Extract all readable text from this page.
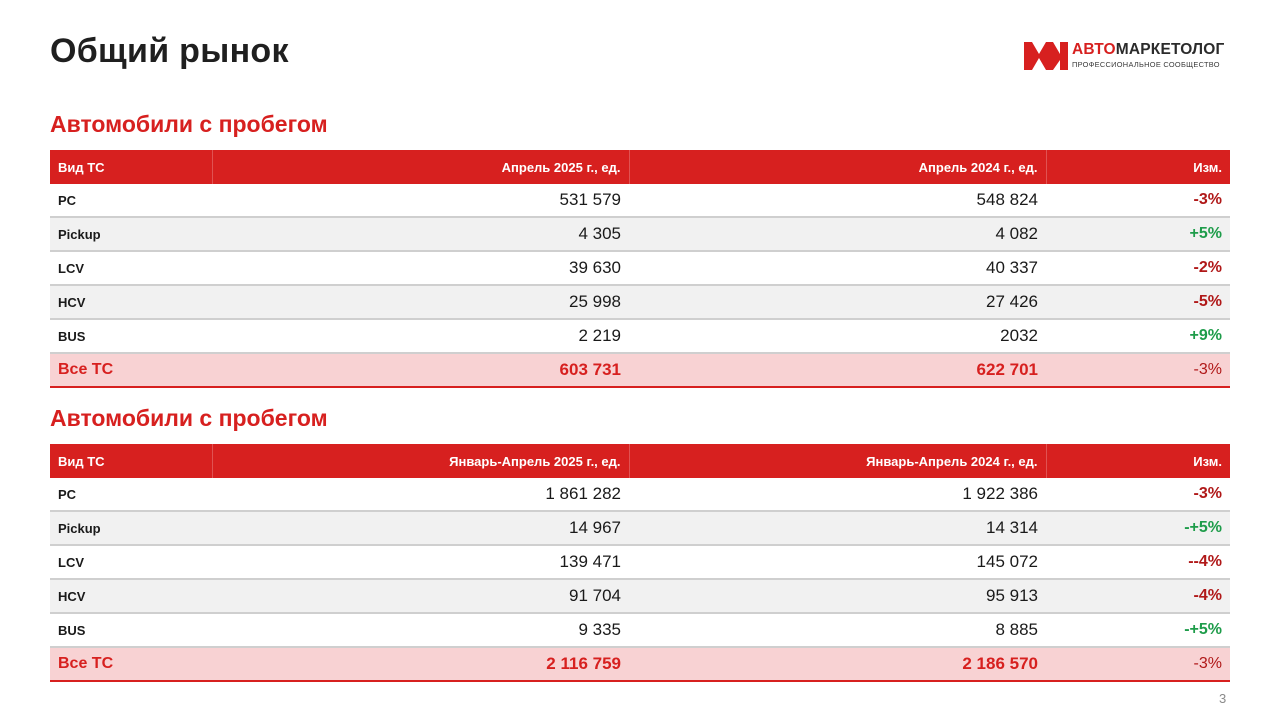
Общий рынок	АВТОМАРКЕТОЛОГ
ПРОФЕССИОНАЛЬНОЕ СООБЩЕСТВО
Автомобили с пробегом
Вид ТС	Апрель 2025 г., ед.	Апрель 2024 г., ед.	Изм.
PC	531 579	548 824	-3%
Pickup	4 305	4 082	+5%
LCV	39 630	40 337	-2%
HCV	25 998	27 426	-5%
BUS	2 219	2032	+9%
Все ТС	603 731	622 701	-3%
Автомобили с пробегом
Вид ТС	Январь-Апрель 2025 г., ед.	Январь-Апрель 2024 г., ед.	Изм.
PC	1 861 282	1 922 386	-3%
Pickup	14 967	14 314	-+5%
LCV	139 471	145 072	--4%
HCV	91 704	95 913	-4%
BUS	9 335	8 885	-+5%
Все ТС	2 116 759	2 186 570	-3%
3
